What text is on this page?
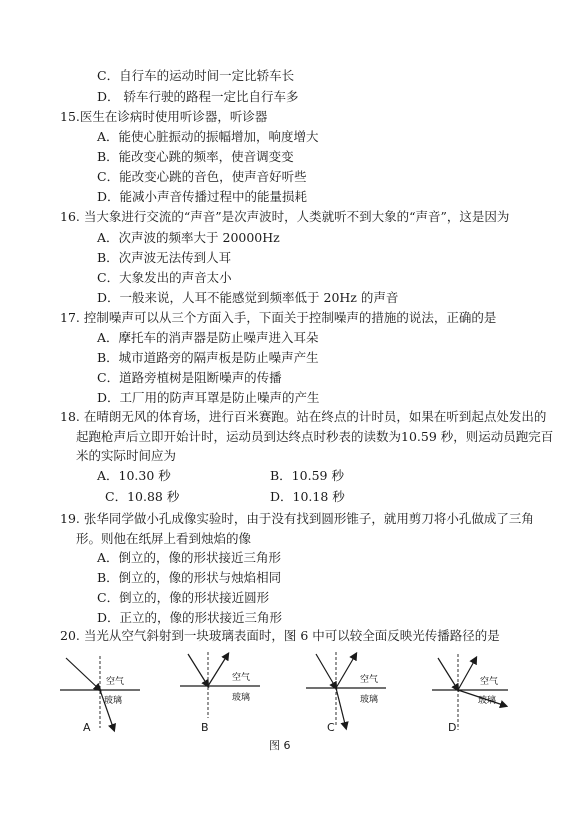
C．自行车的运动时间一定比轿车长
D． 轿车行驶的路程一定比自行车多
15.医生在诊病时使用听诊器，听诊器
A．能使心脏振动的振幅增加，响度增大
B．能改变心跳的频率，使音调变变
C．能改变心跳的音色，使声音好听些
D．能减小声音传播过程中的能量损耗
16. 当大象进行交流的“声音”是次声波时，人类就听不到大象的“声音”，这是因为
A．次声波的频率大于 20000Hz
B．次声波无法传到人耳
C．大象发出的声音太小
D．一般来说，人耳不能感觉到频率低于 20Hz 的声音
17. 控制噪声可以从三个方面入手，下面关于控制噪声的措施的说法，正确的是
A．摩托车的消声器是防止噪声进入耳朵
B．城市道路旁的隔声板是防止噪声产生
C．道路旁植树是阻断噪声的传播
D．工厂用的防声耳罩是防止噪声的产生
18. 在晴朗无风的体育场，进行百米赛跑。站在终点的计时员，如果在听到起点处发出的
起跑枪声后立即开始计时，运动员到达终点时秒表的读数为10.59 秒，则运动员跑完百
米的实际时间应为
A．10.30 秒	B．10.59 秒
C．10.88 秒	D．10.18 秒
19. 张华同学做小孔成像实验时，由于没有找到圆形锥子，就用剪刀将小孔做成了三角
形。则他在纸屏上看到烛焰的像
A．倒立的，像的形状接近三角形
B．倒立的，像的形状与烛焰相同
C．倒立的，像的形状接近圆形
D．正立的，像的形状接近三角形
20. 当光从空气斜射到一块玻璃表面时，图 6 中可以较全面反映光传播路径的是
空气
玻璃
空气
玻璃
空气
玻璃
空气
玻璃
A	B	C	D
图 6
